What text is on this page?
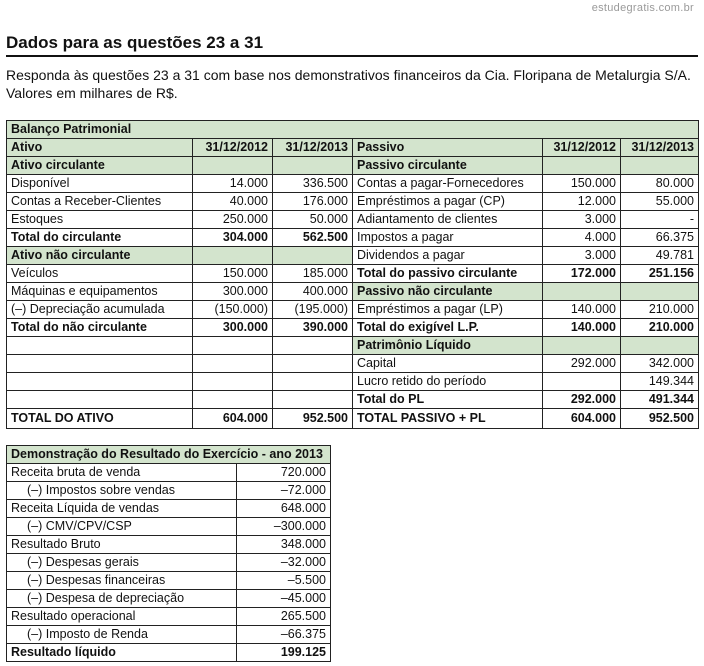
estudegratis.com.br
Dados para as questões 23 a 31
Responda às questões 23 a 31 com base nos demonstrativos financeiros da Cia. Floripana de Metalurgia S/A. Valores em milhares de R$.
Balanço Patrimonial					
Ativo	31/12/2012	31/12/2013	Passivo	31/12/2012	31/12/2013
Ativo circulante			Passivo circulante		
Disponível	14.000	336.500	Contas a pagar-Fornecedores	150.000	80.000
Contas a Receber-Clientes	40.000	176.000	Empréstimos a pagar (CP)	12.000	55.000
Estoques	250.000	50.000	Adiantamento de clientes	3.000	-
Total do circulante	304.000	562.500	Impostos a pagar	4.000	66.375
Ativo não circulante			Dividendos a pagar	3.000	49.781
Veículos	150.000	185.000	Total do passivo circulante	172.000	251.156
Máquinas e equipamentos	300.000	400.000	Passivo não circulante		
(–) Depreciação acumulada	(150.000)	(195.000)	Empréstimos a pagar (LP)	140.000	210.000
Total do não circulante	300.000	390.000	Total do exigível L.P.	140.000	210.000
			Patrimônio Líquido		
			Capital	292.000	342.000
			Lucro retido do período		149.344
			Total do PL	292.000	491.344
TOTAL DO ATIVO	604.000	952.500	TOTAL PASSIVO + PL	604.000	952.500
Demonstração do Resultado do Exercício - ano 2013	
Receita bruta de venda	720.000
(–) Impostos sobre vendas	–72.000
Receita Líquida de vendas	648.000
(–) CMV/CPV/CSP	–300.000
Resultado Bruto	348.000
(–) Despesas gerais	–32.000
(–) Despesas financeiras	–5.500
(–) Despesa de depreciação	–45.000
Resultado operacional	265.500
(–) Imposto de Renda	–66.375
Resultado líquido	199.125
